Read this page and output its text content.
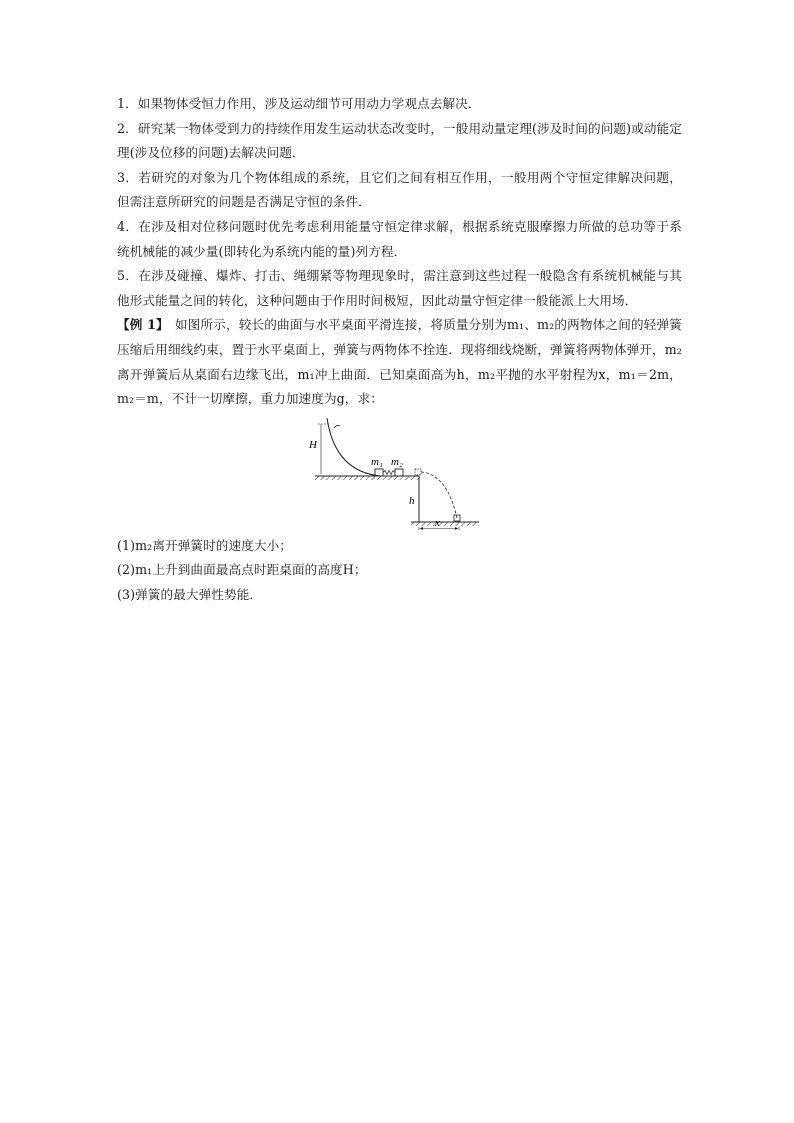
1．如果物体受恒力作用，涉及运动细节可用动力学观点去解决．

2．研究某一物体受到力的持续作用发生运动状态改变时，一般用动量定理(涉及时间的问题)或动能定理(涉及位移的问题)去解决问题．

3．若研究的对象为几个物体组成的系统，且它们之间有相互作用，一般用两个守恒定律解决问题，但需注意所研究的问题是否满足守恒的条件．

4．在涉及相对位移问题时优先考虑利用能量守恒定律求解，根据系统克服摩擦力所做的总功等于系统机械能的减少量(即转化为系统内能的量)列方程．

5．在涉及碰撞、爆炸、打击、绳绷紧等物理现象时，需注意到这些过程一般隐含有系统机械能与其他形式能量之间的转化，这种问题由于作用时间极短，因此动量守恒定律一般能派上大用场．

【例 1】 如图所示，较长的曲面与水平桌面平滑连接，将质量分别为m₁、m₂的两物体之间的轻弹簧压缩后用细线约束，置于水平桌面上，弹簧与两物体不拴连．现将细线烧断，弹簧将两物体弹开，m₂离开弹簧后从桌面右边缘飞出，m₁冲上曲面．已知桌面高为h，m₂平抛的水平射程为x，m₁＝2m，m₂＝m，不计一切摩擦，重力加速度为g，求：

H
m₁ m₂
h
x

(1)m₂离开弹簧时的速度大小；

(2)m₁上升到曲面最高点时距桌面的高度H；

(3)弹簧的最大弹性势能．
